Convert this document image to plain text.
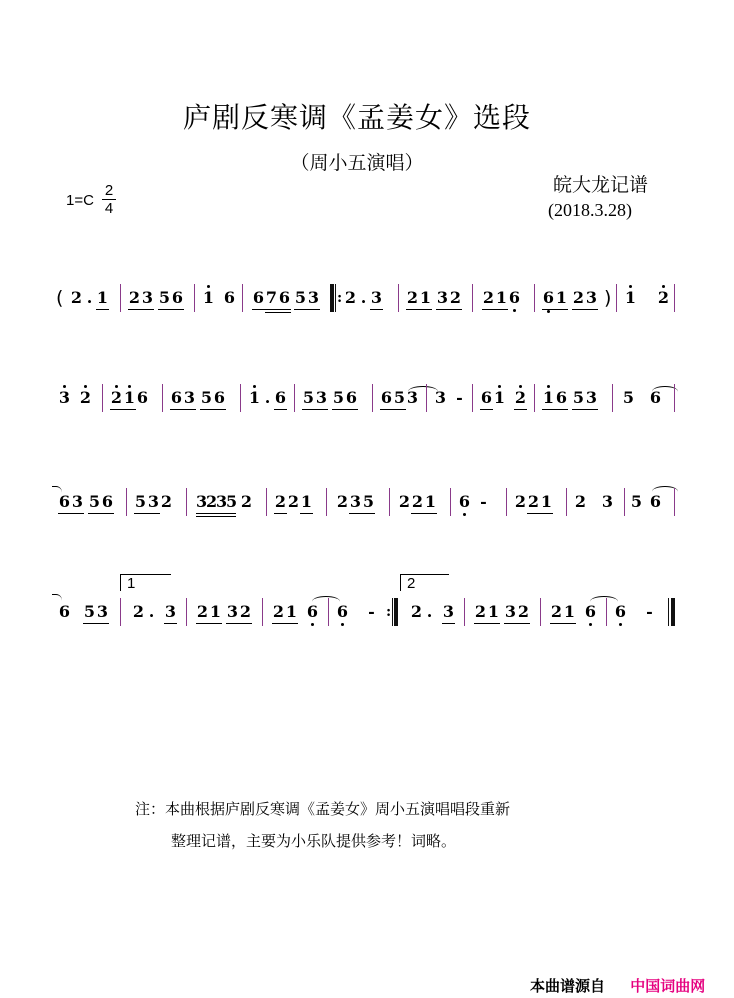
庐剧反寒调《孟姜女》选段
（周小五演唱）
皖大龙记谱
(2018.3.28)
1=C
2
4
( 2 . 1 2 3 5 6 1 6 6 7 6 5 3 : 2 . 3 2 1 3 2 2 1 6 6 1 2 3 ) 1 2
3 2 2 1 6 6 3 5 6 1 . 6 5 3 5 6 6 5 3 3 - 6 1 2 1 6 5 3 5 6
6 3 5 6 5 3 2 3235 2 2 2 1 2 3 5 2 2 1 6 - 2 2 1 2 3 5 6
6 5 3
1
2 . 3 2 1 3 2 2 1 6 6 - :
2
2 . 3 2 1 3 2 2 1 6 6 -
注：本曲根据庐剧反寒调《孟姜女》周小五演唱唱段重新
整理记谱，主要为小乐队提供参考！词略。
本曲谱源自 中国词曲网
